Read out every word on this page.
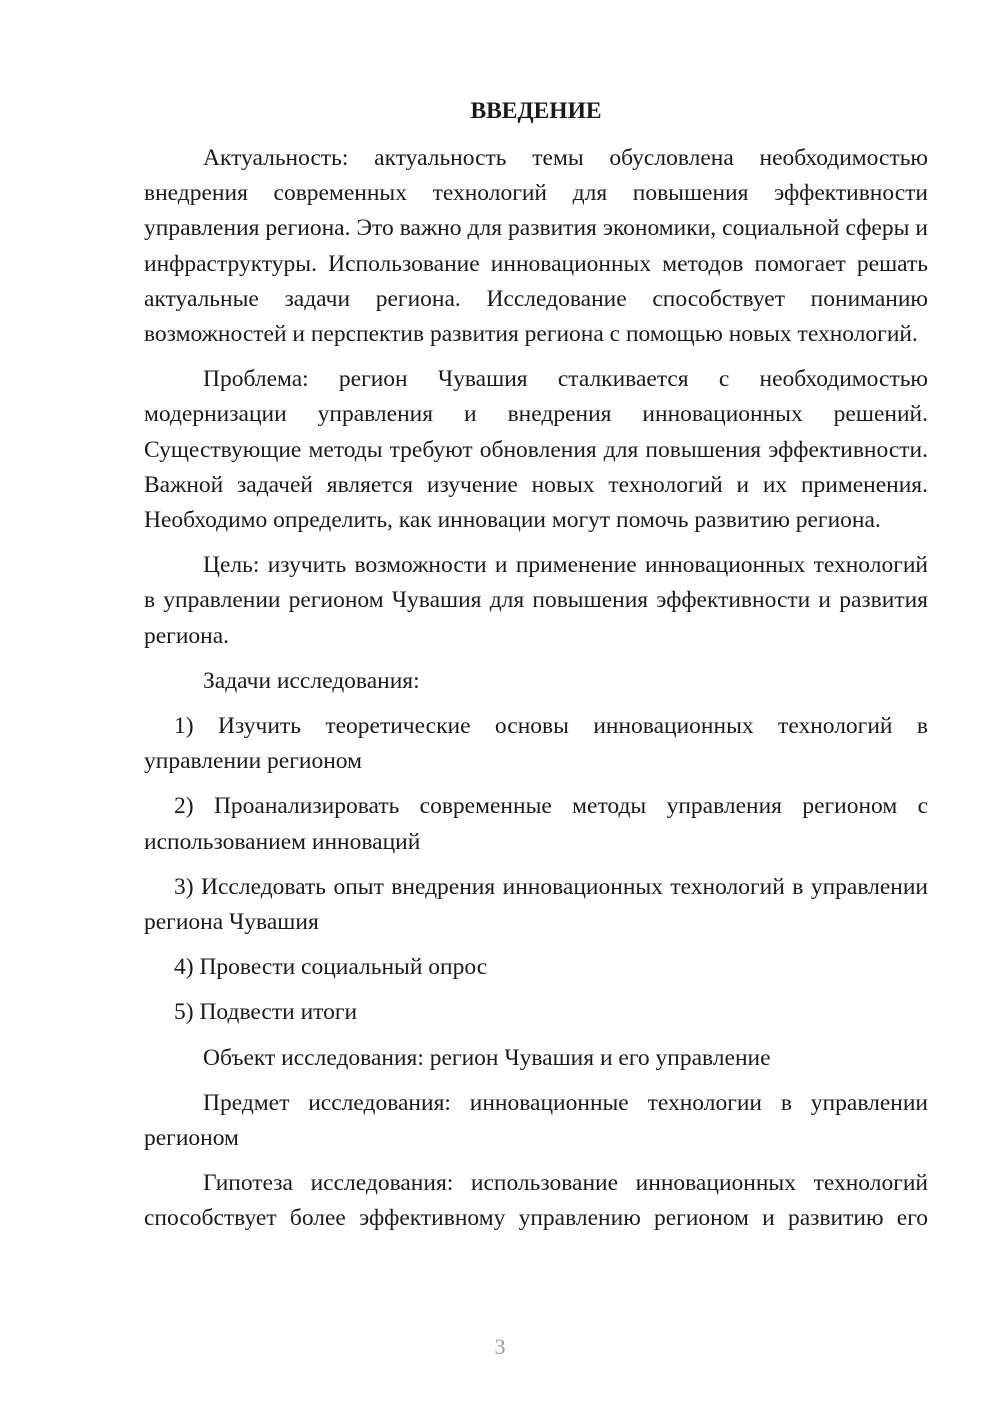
ВВЕДЕНИЕ

Актуальность: актуальность темы обусловлена необходимостью внедрения современных технологий для повышения эффективности управления региона. Это важно для развития экономики, социальной сферы и инфраструктуры. Использование инновационных методов помогает решать актуальные задачи региона. Исследование способствует пониманию возможностей и перспектив развития региона с помощью новых технологий.

Проблема: регион Чувашия сталкивается с необходимостью модернизации управления и внедрения инновационных решений. Существующие методы требуют обновления для повышения эффективности. Важной задачей является изучение новых технологий и их применения. Необходимо определить, как инновации могут помочь развитию региона.

Цель: изучить возможности и применение инновационных технологий в управлении регионом Чувашия для повышения эффективности и развития региона.

Задачи исследования:

1) Изучить теоретические основы инновационных технологий в управлении регионом

2) Проанализировать современные методы управления регионом с использованием инноваций

3) Исследовать опыт внедрения инновационных технологий в управлении региона Чувашия

4) Провести социальный опрос

5) Подвести итоги

Объект исследования: регион Чувашия и его управление

Предмет исследования: инновационные технологии в управлении регионом

Гипотеза исследования: использование инновационных технологий способствует более эффективному управлению регионом и развитию его

3
